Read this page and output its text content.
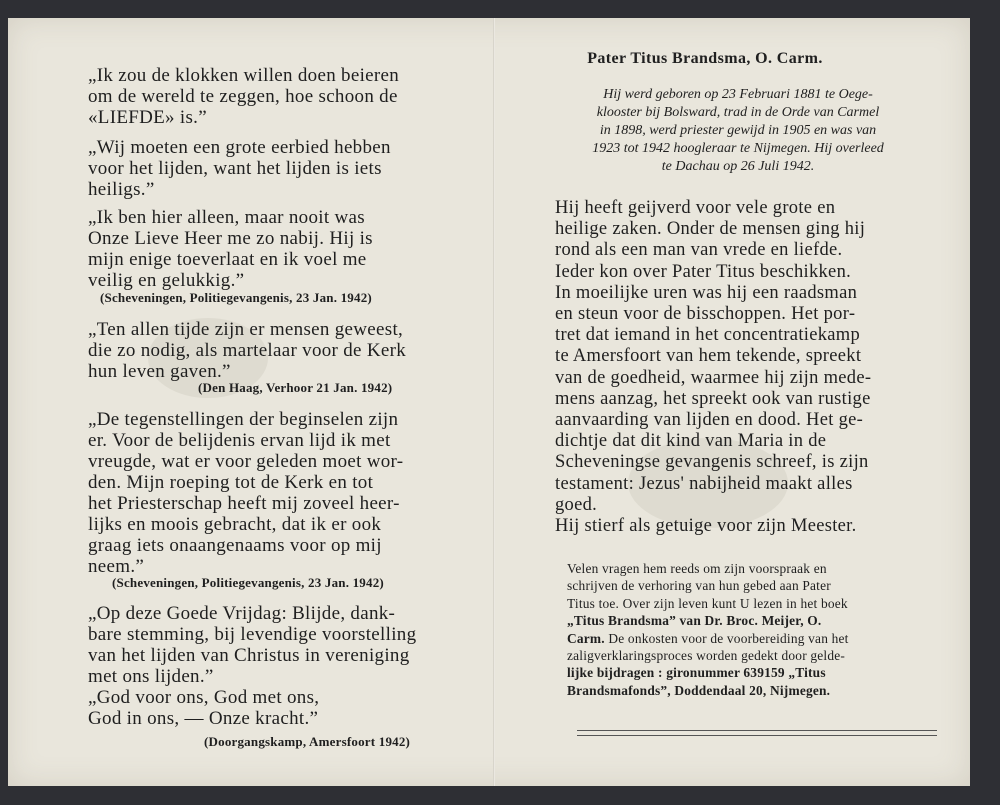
„Ik zou de klokken willen doen beieren
om de wereld te zeggen, hoe schoon de
«LIEFDE» is.”

„Wij moeten een grote eerbied hebben
voor het lijden, want het lijden is iets
heiligs.”

„Ik ben hier alleen, maar nooit was
Onze Lieve Heer me zo nabij. Hij is
mijn enige toeverlaat en ik voel me
veilig en gelukkig.”

(Scheveningen, Politiegevangenis, 23 Jan. 1942)

„Ten allen tijde zijn er mensen geweest,
die zo nodig, als martelaar voor de Kerk
hun leven gaven.”

(Den Haag, Verhoor 21 Jan. 1942)

„De tegenstellingen der beginselen zijn
er. Voor de belijdenis ervan lijd ik met
vreugde, wat er voor geleden moet wor-
den. Mijn roeping tot de Kerk en tot
het Priesterschap heeft mij zoveel heer-
lijks en moois gebracht, dat ik er ook
graag iets onaangenaams voor op mij
neem.”

(Scheveningen, Politiegevangenis, 23 Jan. 1942)

„Op deze Goede Vrijdag: Blijde, dank-
bare stemming, bij levendige voorstelling
van het lijden van Christus in vereniging
met ons lijden.”
„God voor ons, God met ons,
God in ons, — Onze kracht.”

(Doorgangskamp, Amersfoort 1942)
Pater Titus Brandsma, O. Carm.
Hij werd geboren op 23 Februari 1881 te Oege-
klooster bij Bolsward, trad in de Orde van Carmel
in 1898, werd priester gewijd in 1905 en was van
1923 tot 1942 hoogleraar te Nijmegen. Hij overleed
te Dachau op 26 Juli 1942.
Hij heeft geijverd voor vele grote en
heilige zaken. Onder de mensen ging hij
rond als een man van vrede en liefde.
Ieder kon over Pater Titus beschikken.
In moeilijke uren was hij een raadsman
en steun voor de bisschoppen. Het por-
tret dat iemand in het concentratiekamp
te Amersfoort van hem tekende, spreekt
van de goedheid, waarmee hij zijn mede-
mens aanzag, het spreekt ook van rustige
aanvaarding van lijden en dood. Het ge-
dichtje dat dit kind van Maria in de
Scheveningse gevangenis schreef, is zijn
testament: Jezus' nabijheid maakt alles
goed.
Hij stierf als getuige voor zijn Meester.
Velen vragen hem reeds om zijn voorspraak en
schrijven de verhoring van hun gebed aan Pater
Titus toe. Over zijn leven kunt U lezen in het boek
„Titus Brandsma” van Dr. Broc. Meijer, O.
Carm. De onkosten voor de voorbereiding van het
zaligverklaringsproces worden gedekt door gelde-
lijke bijdragen : gironummer 639159 „Titus
Brandsmafonds”, Doddendaal 20, Nijmegen.
